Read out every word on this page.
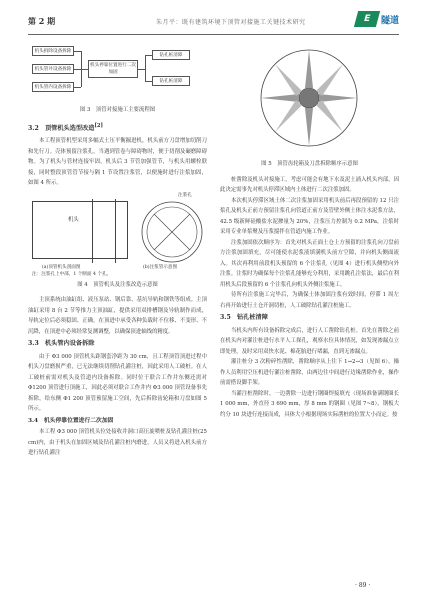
第 2 期	朱月平：既有建筑环境下顶管对接施工关键技术研究	E	隧道
机头拆除设备拆除
机头管井设备拆除
机头管内设备拆除
机头停靠位置进行二次加固
钻孔桩清障
钻孔桩清障
图 3　顶管对接施工主要流程图
3.2　顶管机头选型改造[2]

本工程顶管机型采用多幅式土压平衡掘进机，机头前方刀盘增加切削刀和先行刀。壳体预留注浆孔，当遇到管卷与障碍物时，便于切削及碾磨障碍物。为了机头与管材连接牢固，机头后 3 节管加强管节，与机头用螺栓联接，同时整段顶管管节接与隔 1 节设置注浆管，以便施时进行注浆加固，如图 4 所示。

机头
注浆孔
(a)顶管机头剖面图	(b)注浆管示意图
注：注浆孔上中部，1 个断面 4 个孔。
图 4　顶管机头及注浆改造示意图

主顶系统由油缸组、液压泵站、钢后靠、基坑导轨和钢铁等组成。主顶油缸采用 8 台 2 节等推力主顶油缸，提供采用双排槽钢及导轨制作而成，导轨定位后必须稳固、正确。在顶进中承受各种负载时不位移、不变形、不沉降，在顶进中必须经常复测调整，以确保顶进轴线的精度。

3.3　机头管内设备拆除

由于 Φ3 000 顶管机头距钢套净距为 30 cm，且工程顶管顶进过程中机头刀盘磨损严重，已无法继续切削钻孔灌注桩，因此采用人工破桩。在人工破桩前需对机头及管道内设备拆除。同时位于联合工作井东侧还需对 Φ1200 顶管进行顶施工，因此必须对联合工作井内 Φ3 000 顶管设备事先拆除，给东侧 Φ1 200 顶管预留施工空间，先后拆除齿轮箱和刀盘如图 5 所示。

3.4　机头停靠位置进行二次加固

本工程 Φ3 000 顶管机头位处接收井洞口高压旋喷桩及钻孔灌注桩(25 cm)内，由于机头在加固区城及钻孔灌注桩内磨进，人员又将进入机头前方进行钻孔灌注

图 5　顶管齿轮箱及刀盘拆除顺序示意图

桩凿除及机头对接施工，考虑可能会有地下水及泥土涌入机头内部，因此决定需事先对机头停滞区域内土体进行二次注浆加固。

本次机头停滞区域土体二次注浆加固采用机头前后再段预留的 12 只注浆孔及机头正前方预留注浆孔向管道正前方及管壁外侧土体注水泥浆方法，42.5 级新鲜硅酸盐水泥掺量为 20%，注浆压力控制为 0.2 MPa，注浆时采用专业单浆聚及压浆搅拌在管道内施工作业。

注浆加固依次顺序为：首先对机头正面土仓上方预留的注浆孔向刀盘前方注浆加固填充，尽可能使水泥浆液填满机头前方空隙，并向机头侧面流入。其次再利用前段机头预留的 6 个注浆孔（见图 4）进行机头侧壁向外注浆。注浆时为确保每个注浆孔能够充分利用，采用跳孔注浆法，最后在利用机头后段预留的 6 个注浆孔向机头外侧注浆施工。

待所有注浆施工完毕后，为确保土体加固注浆有效时间，停滞 1 周左右再开始进行土仓开洞切桩，人工破除钻孔灌注桩施工。

3.5　钻孔桩清障

当机头内所有设备拆除完成后，进行人工凿除钻孔桩。首先在凿除之前在机头内对灌注桩进行水平人工探孔，观察水位具体情况，如发现渗漏点立即处理，及时采用双快水泥、棉花胎进行堵漏，直到无渗漏点。

灌注桩分 3 次粉碎性凿除，凿除顺序从上往下 1→2→3（见图 6），操作人员利用空压机进行灌注桩凿除，由两边往中间进行边缘凿除作业，操作前需搭设脚手架。

当灌注桩凿除时，一边凿除一边进行钢圈焊接填充（现场准备满钢圈长 1 000 mm，外直径 3 690 mm，厚 8 mm 的钢圈（见图 7~8），钢板大约分 10 块进行连接而成，具体大小根据现场实际凿桩的位置大小而定。按

· 89 ·
